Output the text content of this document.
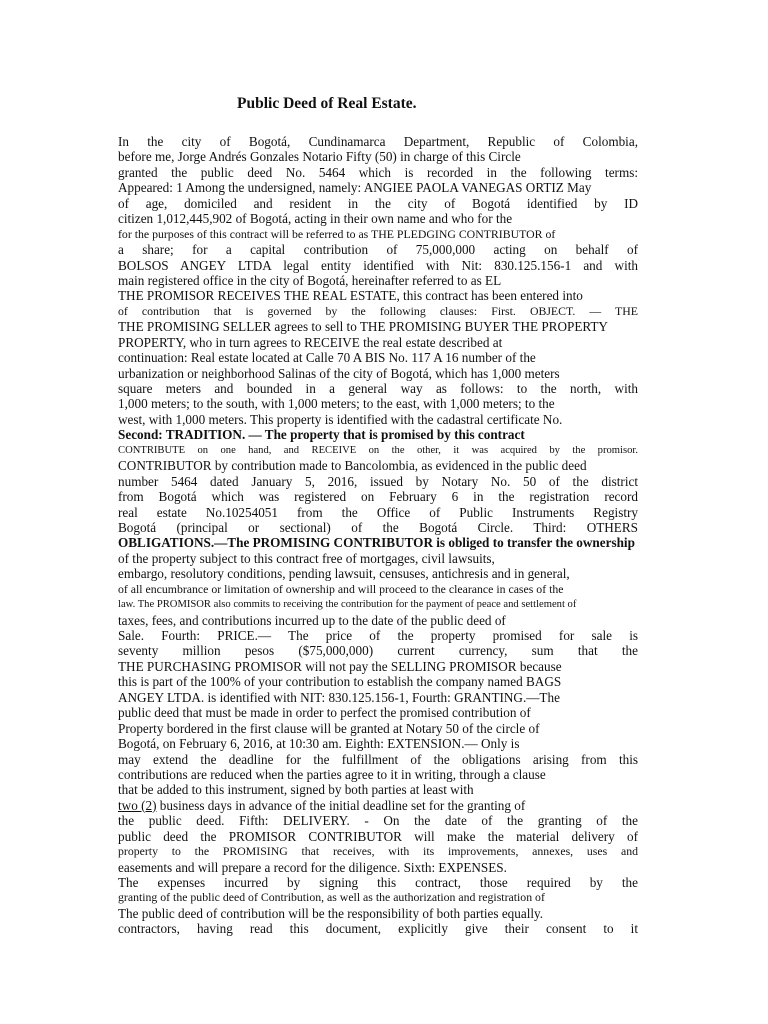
Public Deed of Real Estate.
In the city of Bogotá, Cundinamarca Department, Republic of Colombia,
before me, Jorge Andrés Gonzales Notario Fifty (50) in charge of this Circle
granted the public deed No. 5464 which is recorded in the following terms:
Appeared: 1 Among the undersigned, namely: ANGIEE PAOLA VANEGAS ORTIZ May
of age, domiciled and resident in the city of Bogotá identified by ID
citizen 1,012,445,902 of Bogotá, acting in their own name and who for the
for the purposes of this contract will be referred to as THE PLEDGING CONTRIBUTOR of
a share; for a capital contribution of 75,000,000 acting on behalf of
BOLSOS ANGEY LTDA legal entity identified with Nit: 830.125.156-1 and with
main registered office in the city of Bogotá, hereinafter referred to as EL
THE PROMISOR RECEIVES THE REAL ESTATE, this contract has been entered into
of contribution that is governed by the following clauses: First. OBJECT. — THE
THE PROMISING SELLER agrees to sell to THE PROMISING BUYER THE PROPERTY
PROPERTY, who in turn agrees to RECEIVE the real estate described at
continuation: Real estate located at Calle 70 A BIS No. 117 A 16 number of the
urbanization or neighborhood Salinas of the city of Bogotá, which has 1,000 meters
square meters and bounded in a general way as follows: to the north, with
1,000 meters; to the south, with 1,000 meters; to the east, with 1,000 meters; to the
west, with 1,000 meters. This property is identified with the cadastral certificate No.
Second: TRADITION. — The property that is promised by this contract
CONTRIBUTE on one hand, and RECEIVE on the other, it was acquired by the promisor.
CONTRIBUTOR by contribution made to Bancolombia, as evidenced in the public deed
number 5464 dated January 5, 2016, issued by Notary No. 50 of the district
from Bogotá which was registered on February 6 in the registration record
real estate No.10254051 from the Office of Public Instruments Registry
Bogotá (principal or sectional) of the Bogotá Circle. Third: OTHERS
OBLIGATIONS.—The PROMISING CONTRIBUTOR is obliged to transfer the ownership
of the property subject to this contract free of mortgages, civil lawsuits,
embargo, resolutory conditions, pending lawsuit, censuses, antichresis and in general,
of all encumbrance or limitation of ownership and will proceed to the clearance in cases of the
law. The PROMISOR also commits to receiving the contribution for the payment of peace and settlement of
taxes, fees, and contributions incurred up to the date of the public deed of
Sale. Fourth: PRICE.— The price of the property promised for sale is
seventy million pesos ($75,000,000) current currency, sum that the
THE PURCHASING PROMISOR will not pay the SELLING PROMISOR because
this is part of the 100% of your contribution to establish the company named BAGS
ANGEY LTDA. is identified with NIT: 830.125.156-1, Fourth: GRANTING.—The
public deed that must be made in order to perfect the promised contribution of
Property bordered in the first clause will be granted at Notary 50 of the circle of
Bogotá, on February 6, 2016, at 10:30 am. Eighth: EXTENSION.— Only is
may extend the deadline for the fulfillment of the obligations arising from this
contributions are reduced when the parties agree to it in writing, through a clause
that be added to this instrument, signed by both parties at least with
two (2) business days in advance of the initial deadline set for the granting of
the public deed. Fifth: DELIVERY. - On the date of the granting of the
public deed the PROMISOR CONTRIBUTOR will make the material delivery of
property to the PROMISING that receives, with its improvements, annexes, uses and
easements and will prepare a record for the diligence. Sixth: EXPENSES.
The expenses incurred by signing this contract, those required by the
granting of the public deed of Contribution, as well as the authorization and registration of
The public deed of contribution will be the responsibility of both parties equally.
contractors, having read this document, explicitly give their consent to it
